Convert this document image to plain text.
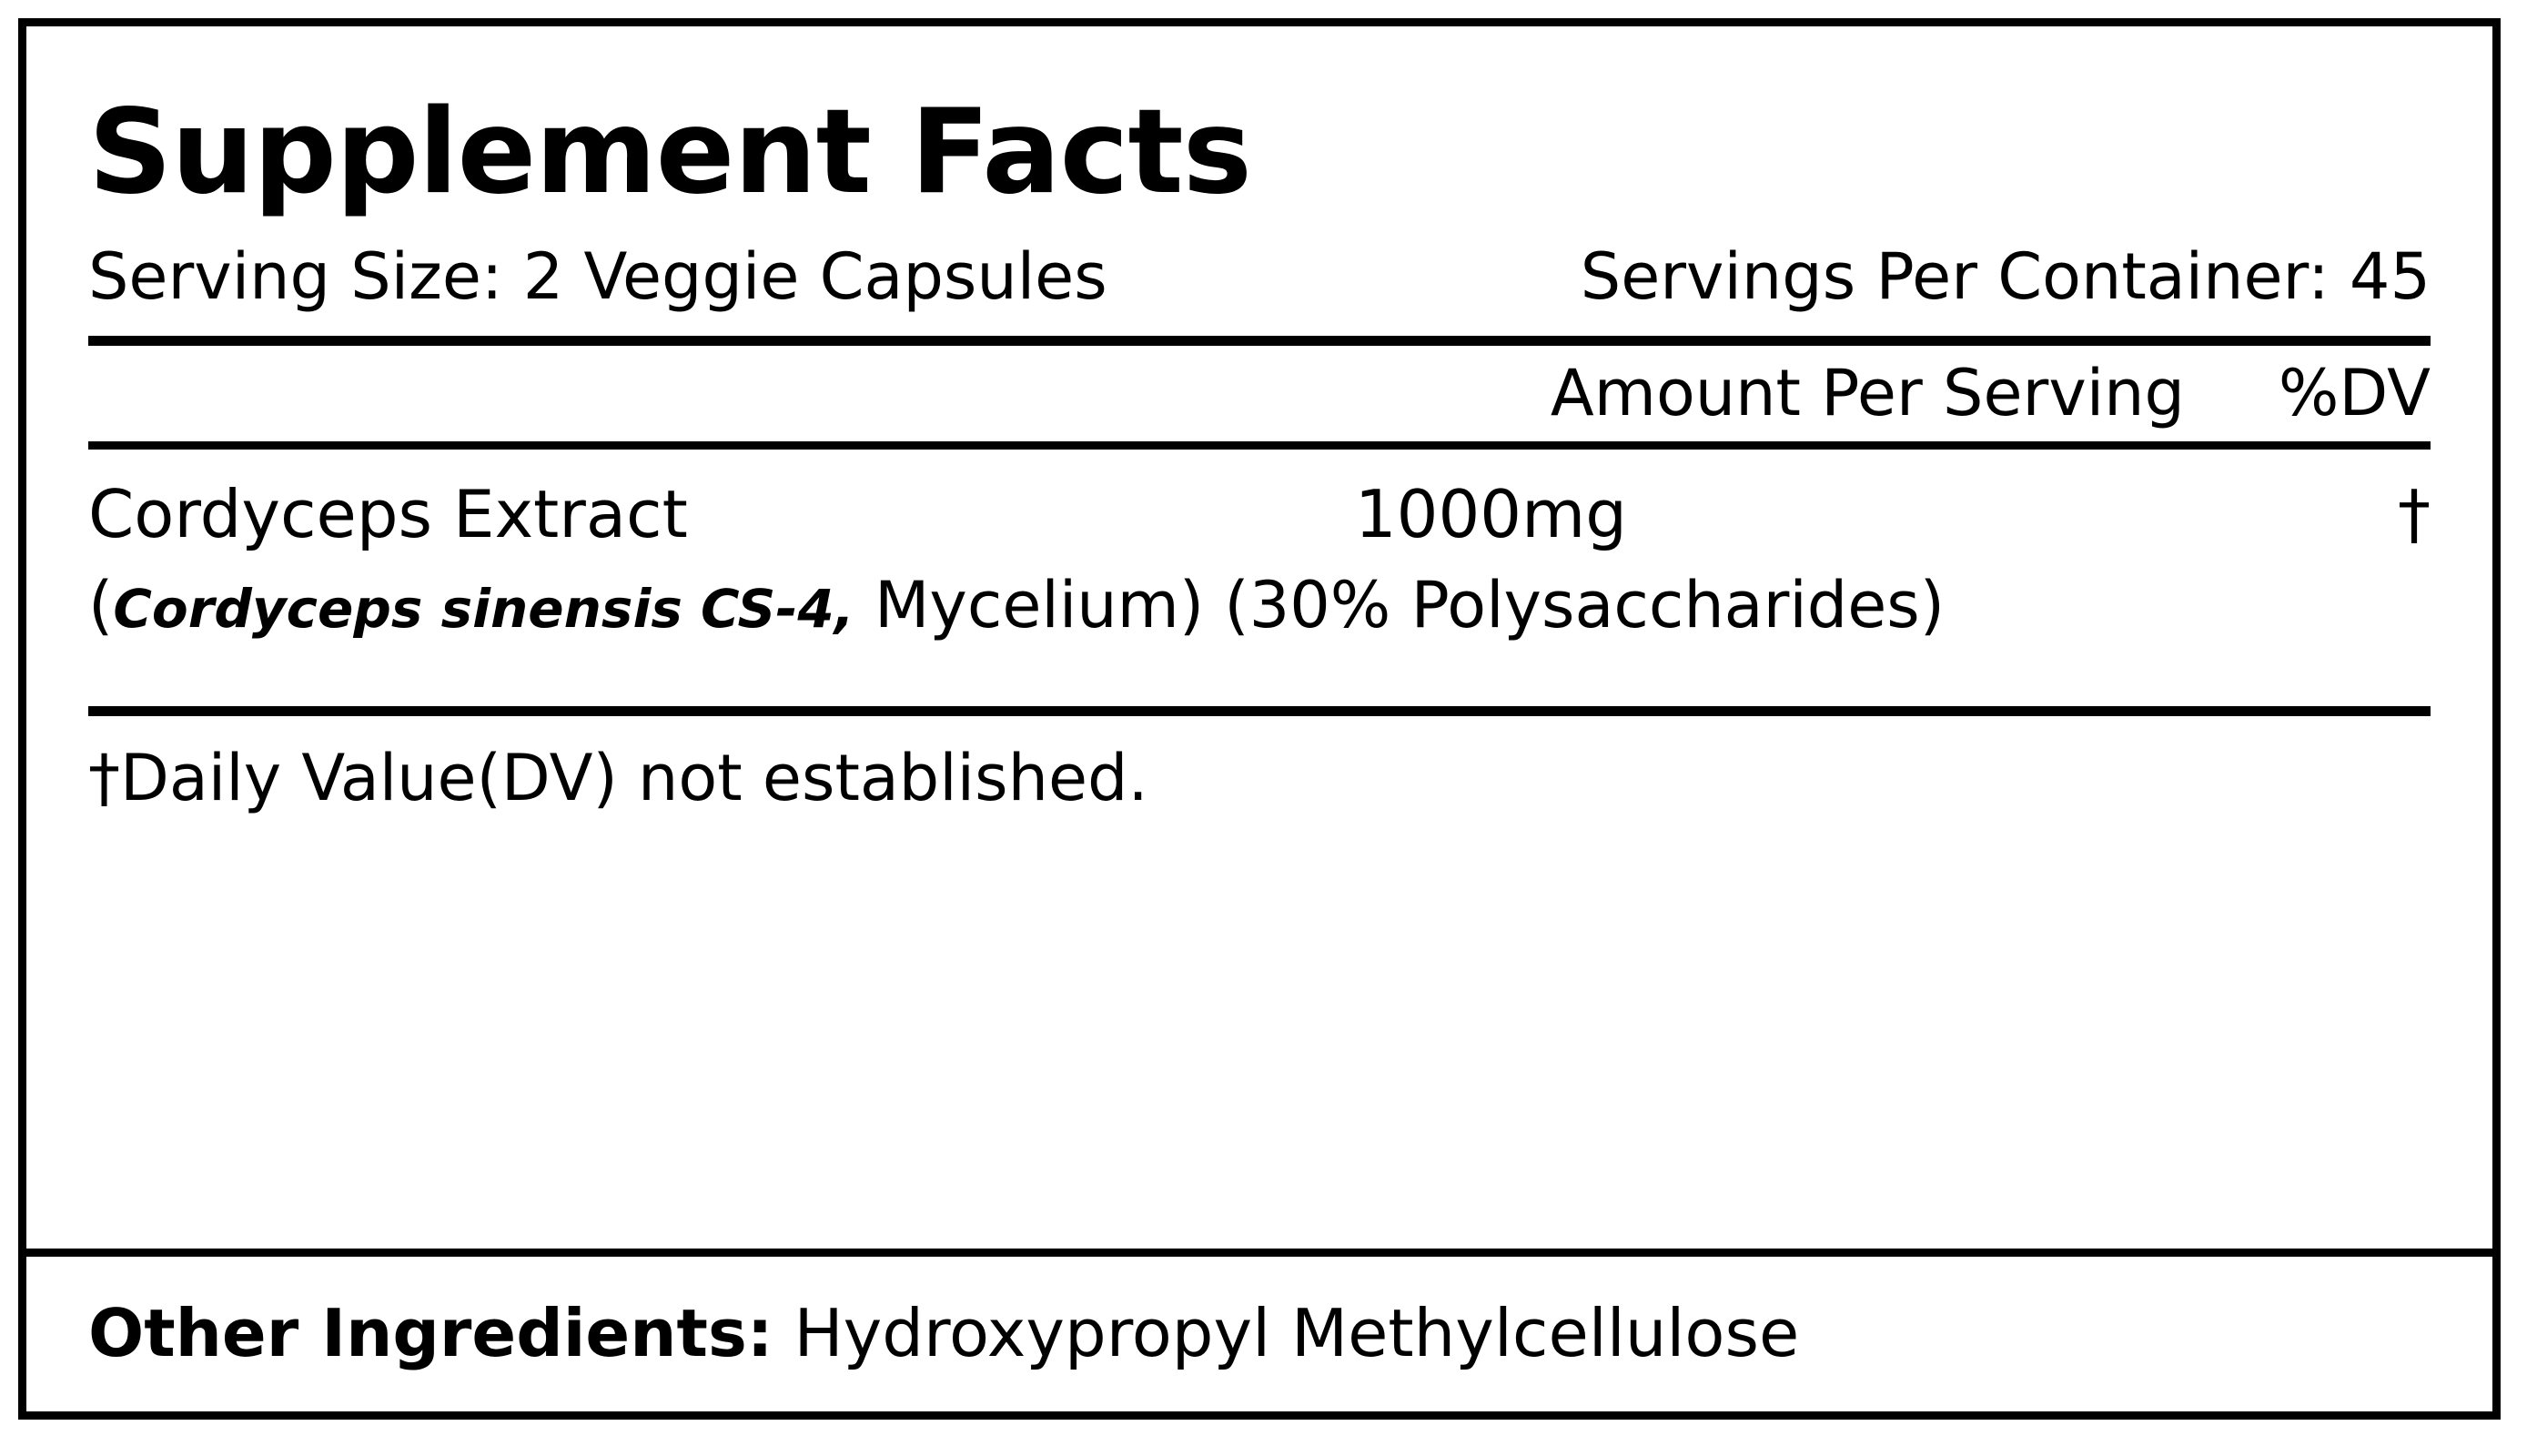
Supplement Facts
Serving Size: 2 Veggie Capsules	Servings Per Container: 45
Amount Per Serving	%DV
Cordyceps Extract	1000mg	†
(Cordyceps sinensis CS-4, Mycelium) (30% Polysaccharides)
†Daily Value(DV) not established.
Other Ingredients: Hydroxypropyl Methylcellulose
